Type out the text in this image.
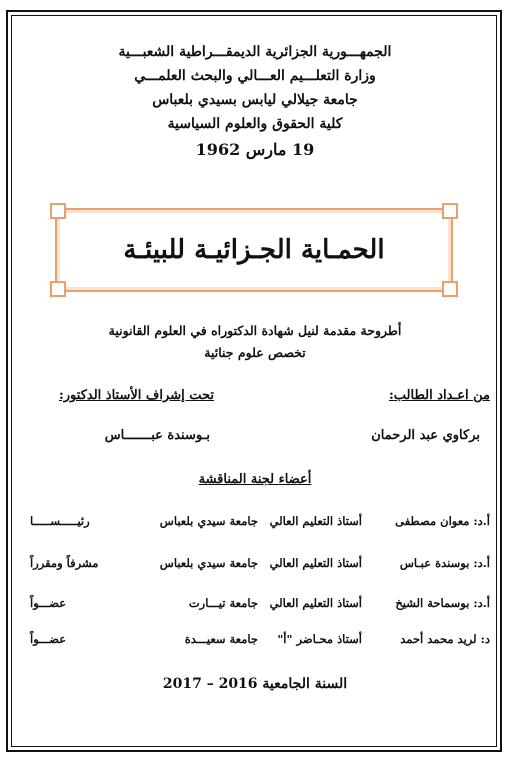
الجمهـــورية الجزائرية الديمقـــراطية الشعبـــية
وزارة التعلـــيم العـــالي والبحث العلمـــي
جامعة جيلالي ليابس بسيدي بلعباس
كلية الحقوق والعلوم السياسية
19 مارس 1962
الحمـاية الجـزائيـة للبيئـة
أطروحة مقدمة لنيل شهادة الدكتوراه في العلوم القانونية
تخصص علوم جنائية
من اعـداد الطالب:
تحت إشراف الأستاذ الدكتور:
بركاوي عبد الرحمان
بـوسندة عبـــــــاس
أعضاء لجنة المناقشة
أ.د: معوان مصطفى
أستاذ التعليم العالي
جامعة سيدي بلعباس
رئيـــــســـــا
أ.د: بوسندة عبـاس
أستاذ التعليم العالي
جامعة سيدي بلعباس
مشرفاً ومقرراً
أ.د: بوسماحة الشيخ
أستاذ التعليم العالي
جامعة تيـــارت
عضـــواً
د: لريد محمد أحمد
أستاذ محـاضر "أ"
جامعة سعيـــدة
عضـــواً
السنة الجامعية 2016 – 2017
